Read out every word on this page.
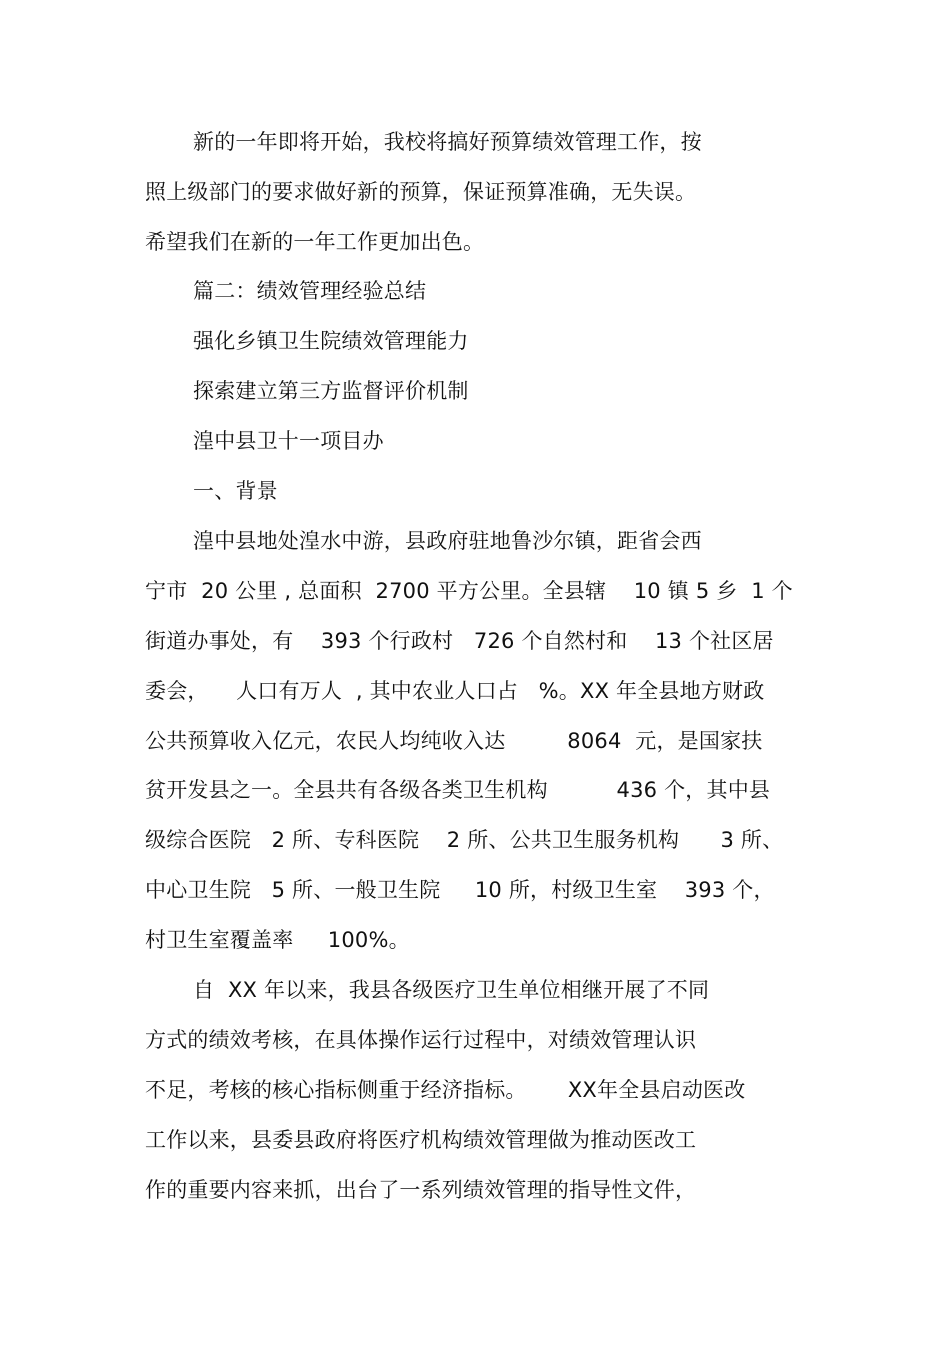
新的一年即将开始，我校将搞好预算绩效管理工作，按
照上级部门的要求做好新的预算，保证预算准确，无失误。
希望我们在新的一年工作更加出色。
篇二：绩效管理经验总结
强化乡镇卫生院绩效管理能力
探索建立第三方监督评价机制
湟中县卫十一项目办
一、背景
湟中县地处湟水中游，县政府驻地鲁沙尔镇，距省会西
宁市  20 公里 , 总面积  2700 平方公里。全县辖    10 镇 5 乡  1 个
街道办事处，有    393 个行政村   726 个自然村和    13 个社区居
委会，    人口有万人  , 其中农业人口占   %。XX 年全县地方财政
公共预算收入亿元，农民人均纯收入达         8064  元，是国家扶
贫开发县之一。全县共有各级各类卫生机构          436 个，其中县
级综合医院   2 所、专科医院    2 所、公共卫生服务机构      3 所、
中心卫生院   5 所、一般卫生院     10 所，村级卫生室    393 个，
村卫生室覆盖率     100%。
自  XX 年以来，我县各级医疗卫生单位相继开展了不同
方式的绩效考核，在具体操作运行过程中，对绩效管理认识
不足，考核的核心指标侧重于经济指标。      XX年全县启动医改
工作以来，县委县政府将医疗机构绩效管理做为推动医改工
作的重要内容来抓，出台了一系列绩效管理的指导性文件，
